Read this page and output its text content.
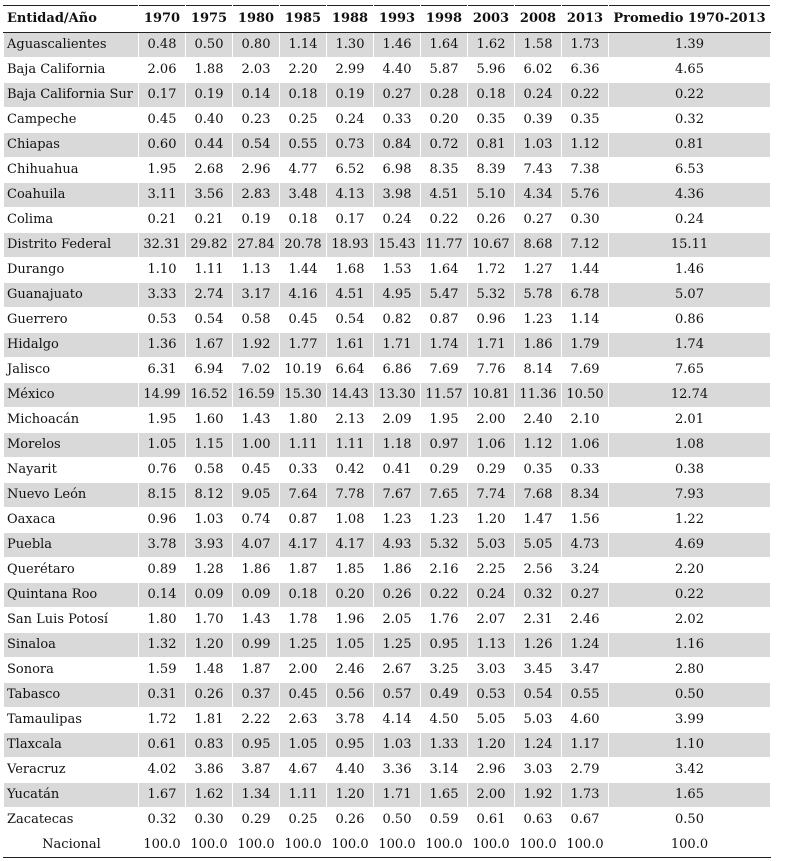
Entidad/Año	1970	1975	1980	1985	1988	1993	1998	2003	2008	2013	Promedio 1970-2013
Aguascalientes	0.48	0.50	0.80	1.14	1.30	1.46	1.64	1.62	1.58	1.73	1.39
Baja California	2.06	1.88	2.03	2.20	2.99	4.40	5.87	5.96	6.02	6.36	4.65
Baja California Sur	0.17	0.19	0.14	0.18	0.19	0.27	0.28	0.18	0.24	0.22	0.22
Campeche	0.45	0.40	0.23	0.25	0.24	0.33	0.20	0.35	0.39	0.35	0.32
Chiapas	0.60	0.44	0.54	0.55	0.73	0.84	0.72	0.81	1.03	1.12	0.81
Chihuahua	1.95	2.68	2.96	4.77	6.52	6.98	8.35	8.39	7.43	7.38	6.53
Coahuila	3.11	3.56	2.83	3.48	4.13	3.98	4.51	5.10	4.34	5.76	4.36
Colima	0.21	0.21	0.19	0.18	0.17	0.24	0.22	0.26	0.27	0.30	0.24
Distrito Federal	32.31	29.82	27.84	20.78	18.93	15.43	11.77	10.67	8.68	7.12	15.11
Durango	1.10	1.11	1.13	1.44	1.68	1.53	1.64	1.72	1.27	1.44	1.46
Guanajuato	3.33	2.74	3.17	4.16	4.51	4.95	5.47	5.32	5.78	6.78	5.07
Guerrero	0.53	0.54	0.58	0.45	0.54	0.82	0.87	0.96	1.23	1.14	0.86
Hidalgo	1.36	1.67	1.92	1.77	1.61	1.71	1.74	1.71	1.86	1.79	1.74
Jalisco	6.31	6.94	7.02	10.19	6.64	6.86	7.69	7.76	8.14	7.69	7.65
México	14.99	16.52	16.59	15.30	14.43	13.30	11.57	10.81	11.36	10.50	12.74
Michoacán	1.95	1.60	1.43	1.80	2.13	2.09	1.95	2.00	2.40	2.10	2.01
Morelos	1.05	1.15	1.00	1.11	1.11	1.18	0.97	1.06	1.12	1.06	1.08
Nayarit	0.76	0.58	0.45	0.33	0.42	0.41	0.29	0.29	0.35	0.33	0.38
Nuevo León	8.15	8.12	9.05	7.64	7.78	7.67	7.65	7.74	7.68	8.34	7.93
Oaxaca	0.96	1.03	0.74	0.87	1.08	1.23	1.23	1.20	1.47	1.56	1.22
Puebla	3.78	3.93	4.07	4.17	4.17	4.93	5.32	5.03	5.05	4.73	4.69
Querétaro	0.89	1.28	1.86	1.87	1.85	1.86	2.16	2.25	2.56	3.24	2.20
Quintana Roo	0.14	0.09	0.09	0.18	0.20	0.26	0.22	0.24	0.32	0.27	0.22
San Luis Potosí	1.80	1.70	1.43	1.78	1.96	2.05	1.76	2.07	2.31	2.46	2.02
Sinaloa	1.32	1.20	0.99	1.25	1.05	1.25	0.95	1.13	1.26	1.24	1.16
Sonora	1.59	1.48	1.87	2.00	2.46	2.67	3.25	3.03	3.45	3.47	2.80
Tabasco	0.31	0.26	0.37	0.45	0.56	0.57	0.49	0.53	0.54	0.55	0.50
Tamaulipas	1.72	1.81	2.22	2.63	3.78	4.14	4.50	5.05	5.03	4.60	3.99
Tlaxcala	0.61	0.83	0.95	1.05	0.95	1.03	1.33	1.20	1.24	1.17	1.10
Veracruz	4.02	3.86	3.87	4.67	4.40	3.36	3.14	2.96	3.03	2.79	3.42
Yucatán	1.67	1.62	1.34	1.11	1.20	1.71	1.65	2.00	1.92	1.73	1.65
Zacatecas	0.32	0.30	0.29	0.25	0.26	0.50	0.59	0.61	0.63	0.67	0.50
Nacional	100.0	100.0	100.0	100.0	100.0	100.0	100.0	100.0	100.0	100.0	100.0
